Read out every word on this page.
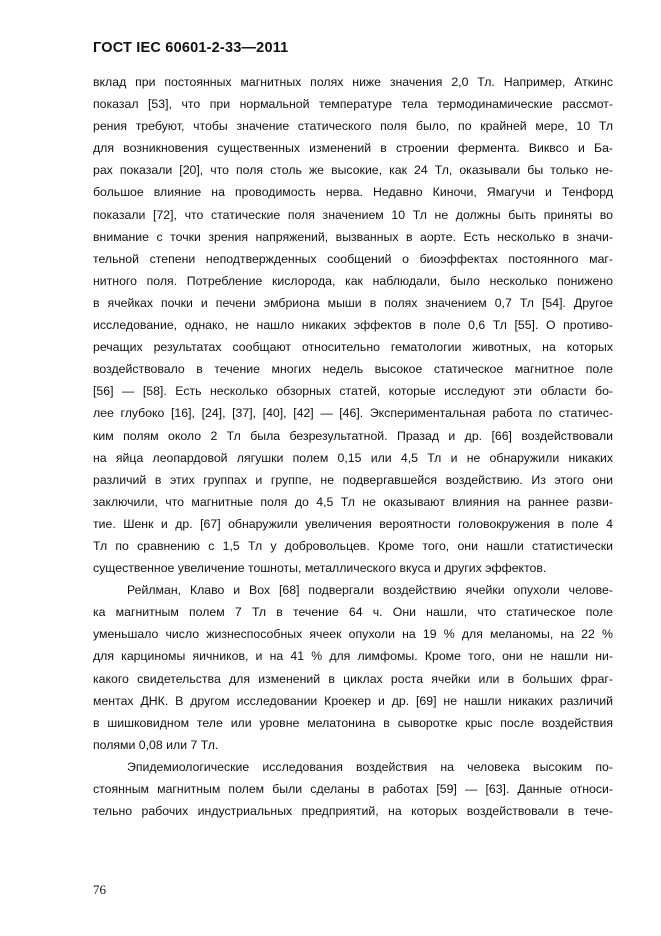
ГОСТ IEC 60601-2-33—2011
вклад при постоянных магнитных полях ниже значения 2,0 Тл. Например, Аткинс
показал [53], что при нормальной температуре тела термодинамические рассмот-
рения требуют, чтобы значение статического поля было, по крайней мере, 10 Тл
для возникновения существенных изменений в строении фермента. Виквсо и Ба-
рах показали [20], что поля столь же высокие, как 24 Тл, оказывали бы только не-
большое влияние на проводимость нерва. Недавно Киночи, Ямагучи и Тенфорд
показали [72], что статические поля значением 10 Тл не должны быть приняты во
внимание с точки зрения напряжений, вызванных в аорте. Есть несколько в значи-
тельной степени неподтвержденных сообщений о биоэффектах постоянного маг-
нитного поля. Потребление кислорода, как наблюдали, было несколько понижено
в ячейках почки и печени эмбриона мыши в полях значением 0,7 Тл [54]. Другое
исследование, однако, не нашло никаких эффектов в поле 0,6 Тл [55]. О противо-
речащих результатах сообщают относительно гематологии животных, на которых
воздействовало в течение многих недель высокое статическое магнитное поле
[56] — [58]. Есть несколько обзорных статей, которые исследуют эти области бо-
лее глубоко [16], [24], [37], [40], [42] — [46]. Экспериментальная работа по статичес-
ким полям около 2 Тл была безрезультатной. Празад и др. [66] воздействовали
на яйца леопардовой лягушки полем 0,15 или 4,5 Тл и не обнаружили никаких
различий в этих группах и группе, не подвергавшейся воздействию. Из этого они
заключили, что магнитные поля до 4,5 Тл не оказывают влияния на раннее разви-
тие. Шенк и др. [67] обнаружили увеличения вероятности головокружения в поле 4
Тл по сравнению с 1,5 Тл у добровольцев. Кроме того, они нашли статистически
существенное увеличение тошноты, металлического вкуса и других эффектов.
Рейлман, Клаво и Вох [68] подвергали воздействию ячейки опухоли челове-
ка магнитным полем 7 Тл в течение 64 ч. Они нашли, что статическое поле
уменьшало число жизнеспособных ячеек опухоли на 19 % для меланомы, на 22 %
для карциномы яичников, и на 41 % для лимфомы. Кроме того, они не нашли ни-
какого свидетельства для изменений в циклах роста ячейки или в больших фраг-
ментах ДНК. В другом исследовании Кроекер и др. [69] не нашли никаких различий
в шишковидном теле или уровне мелатонина в сыворотке крыс после воздействия
полями 0,08 или 7 Тл.
Эпидемиологические исследования воздействия на человека высоким по-
стоянным магнитным полем были сделаны в работах [59] — [63]. Данные относи-
тельно рабочих индустриальных предприятий, на которых воздействовали в тече-
76
